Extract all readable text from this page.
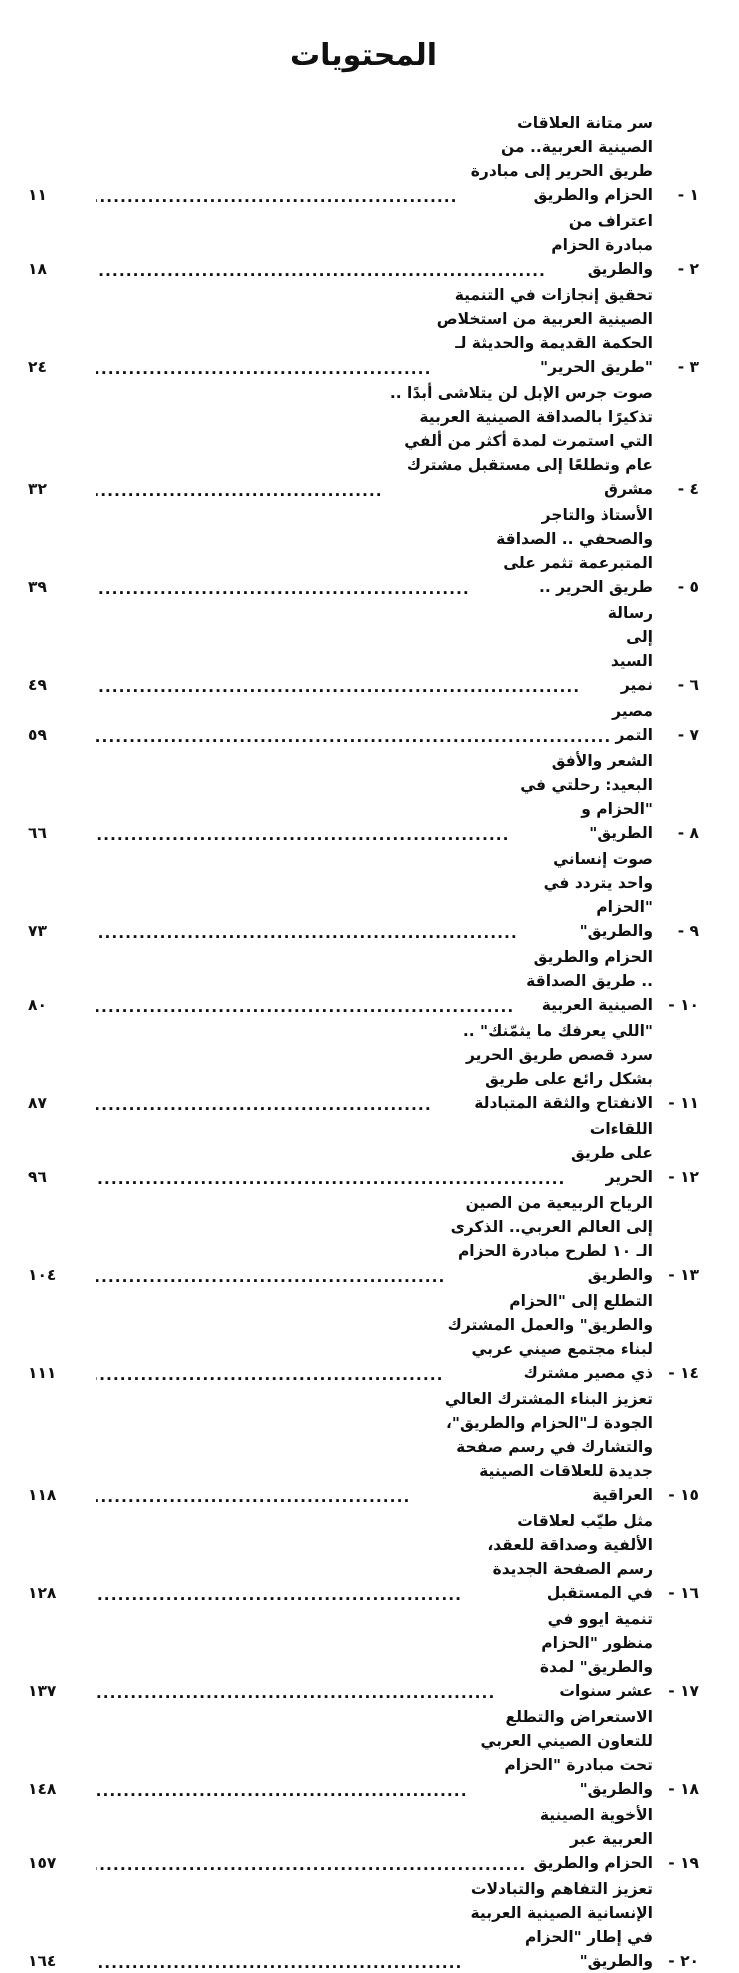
المحتويات
١ -
سر متانة العلاقات الصينية العربية.. من طريق الحرير إلى مبادرة الحزام والطريق
.....
١١
٢ -
اعتراف من مبادرة الحزام والطريق
.....
١٨
٣ -
تحقيق إنجازات في التنمية الصينية العربية من استخلاص الحكمة القديمة والحديثة لـ "طريق الحرير"
.....
٢٤
٤ -
صوت جرس الإبل لن يتلاشى أبدًا .. تذكيرًا بالصداقة الصينية العربية التي استمرت لمدة أكثر من ألفي عام وتطلعًا إلى مستقبل مشترك مشرق
.....
٣٢
٥ -
الأستاذ والتاجر والصحفي .. الصداقة المتبرعمة تثمر على طريق الحرير ..
.....
٣٩
٦ -
رسالة إلى السيد نمير
.....
٤٩
٧ -
مصير التمر
.....
٥٩
٨ -
الشعر والأفق البعيد: رحلتي في "الحزام و الطريق"
.....
٦٦
٩ -
صوت إنساني واحد يتردد في "الحزام والطريق"
.....
٧٣
١٠ -
الحزام والطريق .. طريق الصداقة الصينية العربية
.....
٨٠
١١ -
"اللي يعرفك ما يثمّنك" .. سرد قصص طريق الحرير بشكل رائع على طريق الانفتاح والثقة المتبادلة
.....
٨٧
١٢ -
اللقاءات على طريق الحرير
.....
٩٦
١٣ -
الرياح الربيعية من الصين إلى العالم العربي.. الذكرى الـ ١٠ لطرح مبادرة الحزام والطريق
.....
١٠٤
١٤ -
التطلع إلى "الحزام والطريق" والعمل المشترك لبناء مجتمع صيني عربي ذي مصير مشترك
.....
١١١
١٥ -
تعزيز البناء المشترك العالي الجودة لـ"الحزام والطريق"، والتشارك في رسم صفحة جديدة للعلاقات الصينية العراقية
.....
١١٨
١٦ -
مثل طيّب لعلاقات الألفية وصداقة للعقد، رسم الصفحة الجديدة في المستقبل
.....
١٢٨
١٧ -
تنمية ايوو في منظور "الحزام والطريق" لمدة عشر سنوات
.....
١٣٧
١٨ -
الاستعراض والتطلع للتعاون الصيني العربي تحت مبادرة "الحزام والطريق"
.....
١٤٨
١٩ -
الأخوية الصينية العربية عبر الحزام والطريق
.....
١٥٧
٢٠ -
تعزيز التفاهم والتبادلات الإنسانية الصينية العربية في إطار "الحزام والطريق"
.....
١٦٤
